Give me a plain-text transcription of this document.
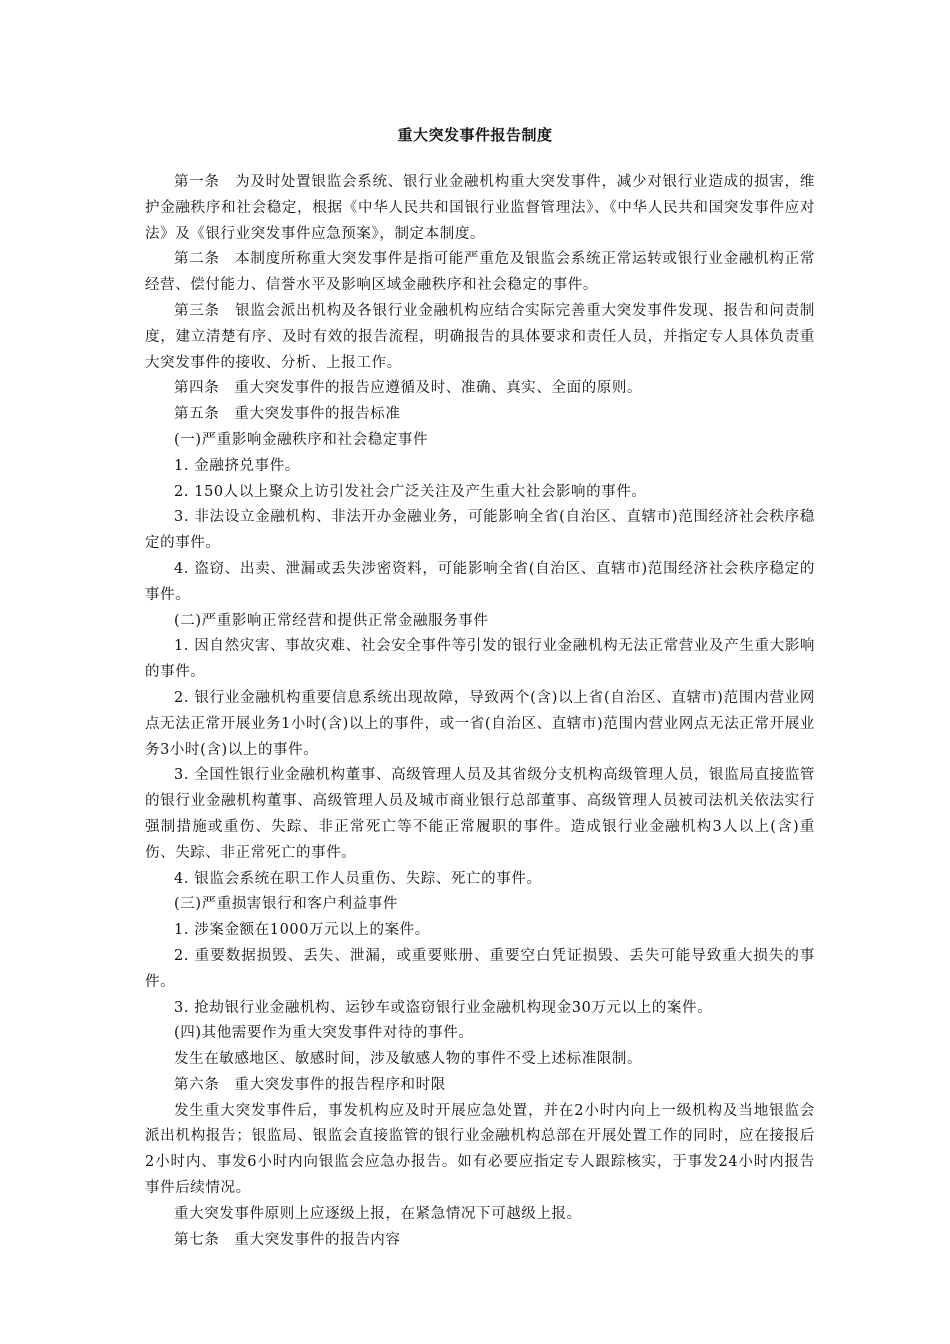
重大突发事件报告制度

第一条　为及时处置银监会系统、银行业金融机构重大突发事件，减少对银行业造成的损害，维护金融秩序和社会稳定，根据《中华人民共和国银行业监督管理法》、《中华人民共和国突发事件应对法》及《银行业突发事件应急预案》，制定本制度。

第二条　本制度所称重大突发事件是指可能严重危及银监会系统正常运转或银行业金融机构正常经营、偿付能力、信誉水平及影响区域金融秩序和社会稳定的事件。

第三条　银监会派出机构及各银行业金融机构应结合实际完善重大突发事件发现、报告和问责制度，建立清楚有序、及时有效的报告流程，明确报告的具体要求和责任人员，并指定专人具体负责重大突发事件的接收、分析、上报工作。

第四条　重大突发事件的报告应遵循及时、准确、真实、全面的原则。

第五条　重大突发事件的报告标准

(一)严重影响金融秩序和社会稳定事件

1. 金融挤兑事件。

2. 150人以上聚众上访引发社会广泛关注及产生重大社会影响的事件。

3. 非法设立金融机构、非法开办金融业务，可能影响全省(自治区、直辖市)范围经济社会秩序稳定的事件。

4. 盗窃、出卖、泄漏或丢失涉密资料，可能影响全省(自治区、直辖市)范围经济社会秩序稳定的事件。

(二)严重影响正常经营和提供正常金融服务事件

1. 因自然灾害、事故灾难、社会安全事件等引发的银行业金融机构无法正常营业及产生重大影响的事件。

2. 银行业金融机构重要信息系统出现故障，导致两个(含)以上省(自治区、直辖市)范围内营业网点无法正常开展业务1小时(含)以上的事件，或一省(自治区、直辖市)范围内营业网点无法正常开展业务3小时(含)以上的事件。

3. 全国性银行业金融机构董事、高级管理人员及其省级分支机构高级管理人员，银监局直接监管的银行业金融机构董事、高级管理人员及城市商业银行总部董事、高级管理人员被司法机关依法实行强制措施或重伤、失踪、非正常死亡等不能正常履职的事件。造成银行业金融机构3人以上(含)重伤、失踪、非正常死亡的事件。

4. 银监会系统在职工作人员重伤、失踪、死亡的事件。

(三)严重损害银行和客户利益事件

1. 涉案金额在1000万元以上的案件。

2. 重要数据损毁、丢失、泄漏，或重要账册、重要空白凭证损毁、丢失可能导致重大损失的事件。

3. 抢劫银行业金融机构、运钞车或盗窃银行业金融机构现金30万元以上的案件。

(四)其他需要作为重大突发事件对待的事件。

发生在敏感地区、敏感时间，涉及敏感人物的事件不受上述标准限制。

第六条　重大突发事件的报告程序和时限

发生重大突发事件后，事发机构应及时开展应急处置，并在2小时内向上一级机构及当地银监会派出机构报告；银监局、银监会直接监管的银行业金融机构总部在开展处置工作的同时，应在接报后2小时内、事发6小时内向银监会应急办报告。如有必要应指定专人跟踪核实，于事发24小时内报告事件后续情况。

重大突发事件原则上应逐级上报，在紧急情况下可越级上报。

第七条　重大突发事件的报告内容
